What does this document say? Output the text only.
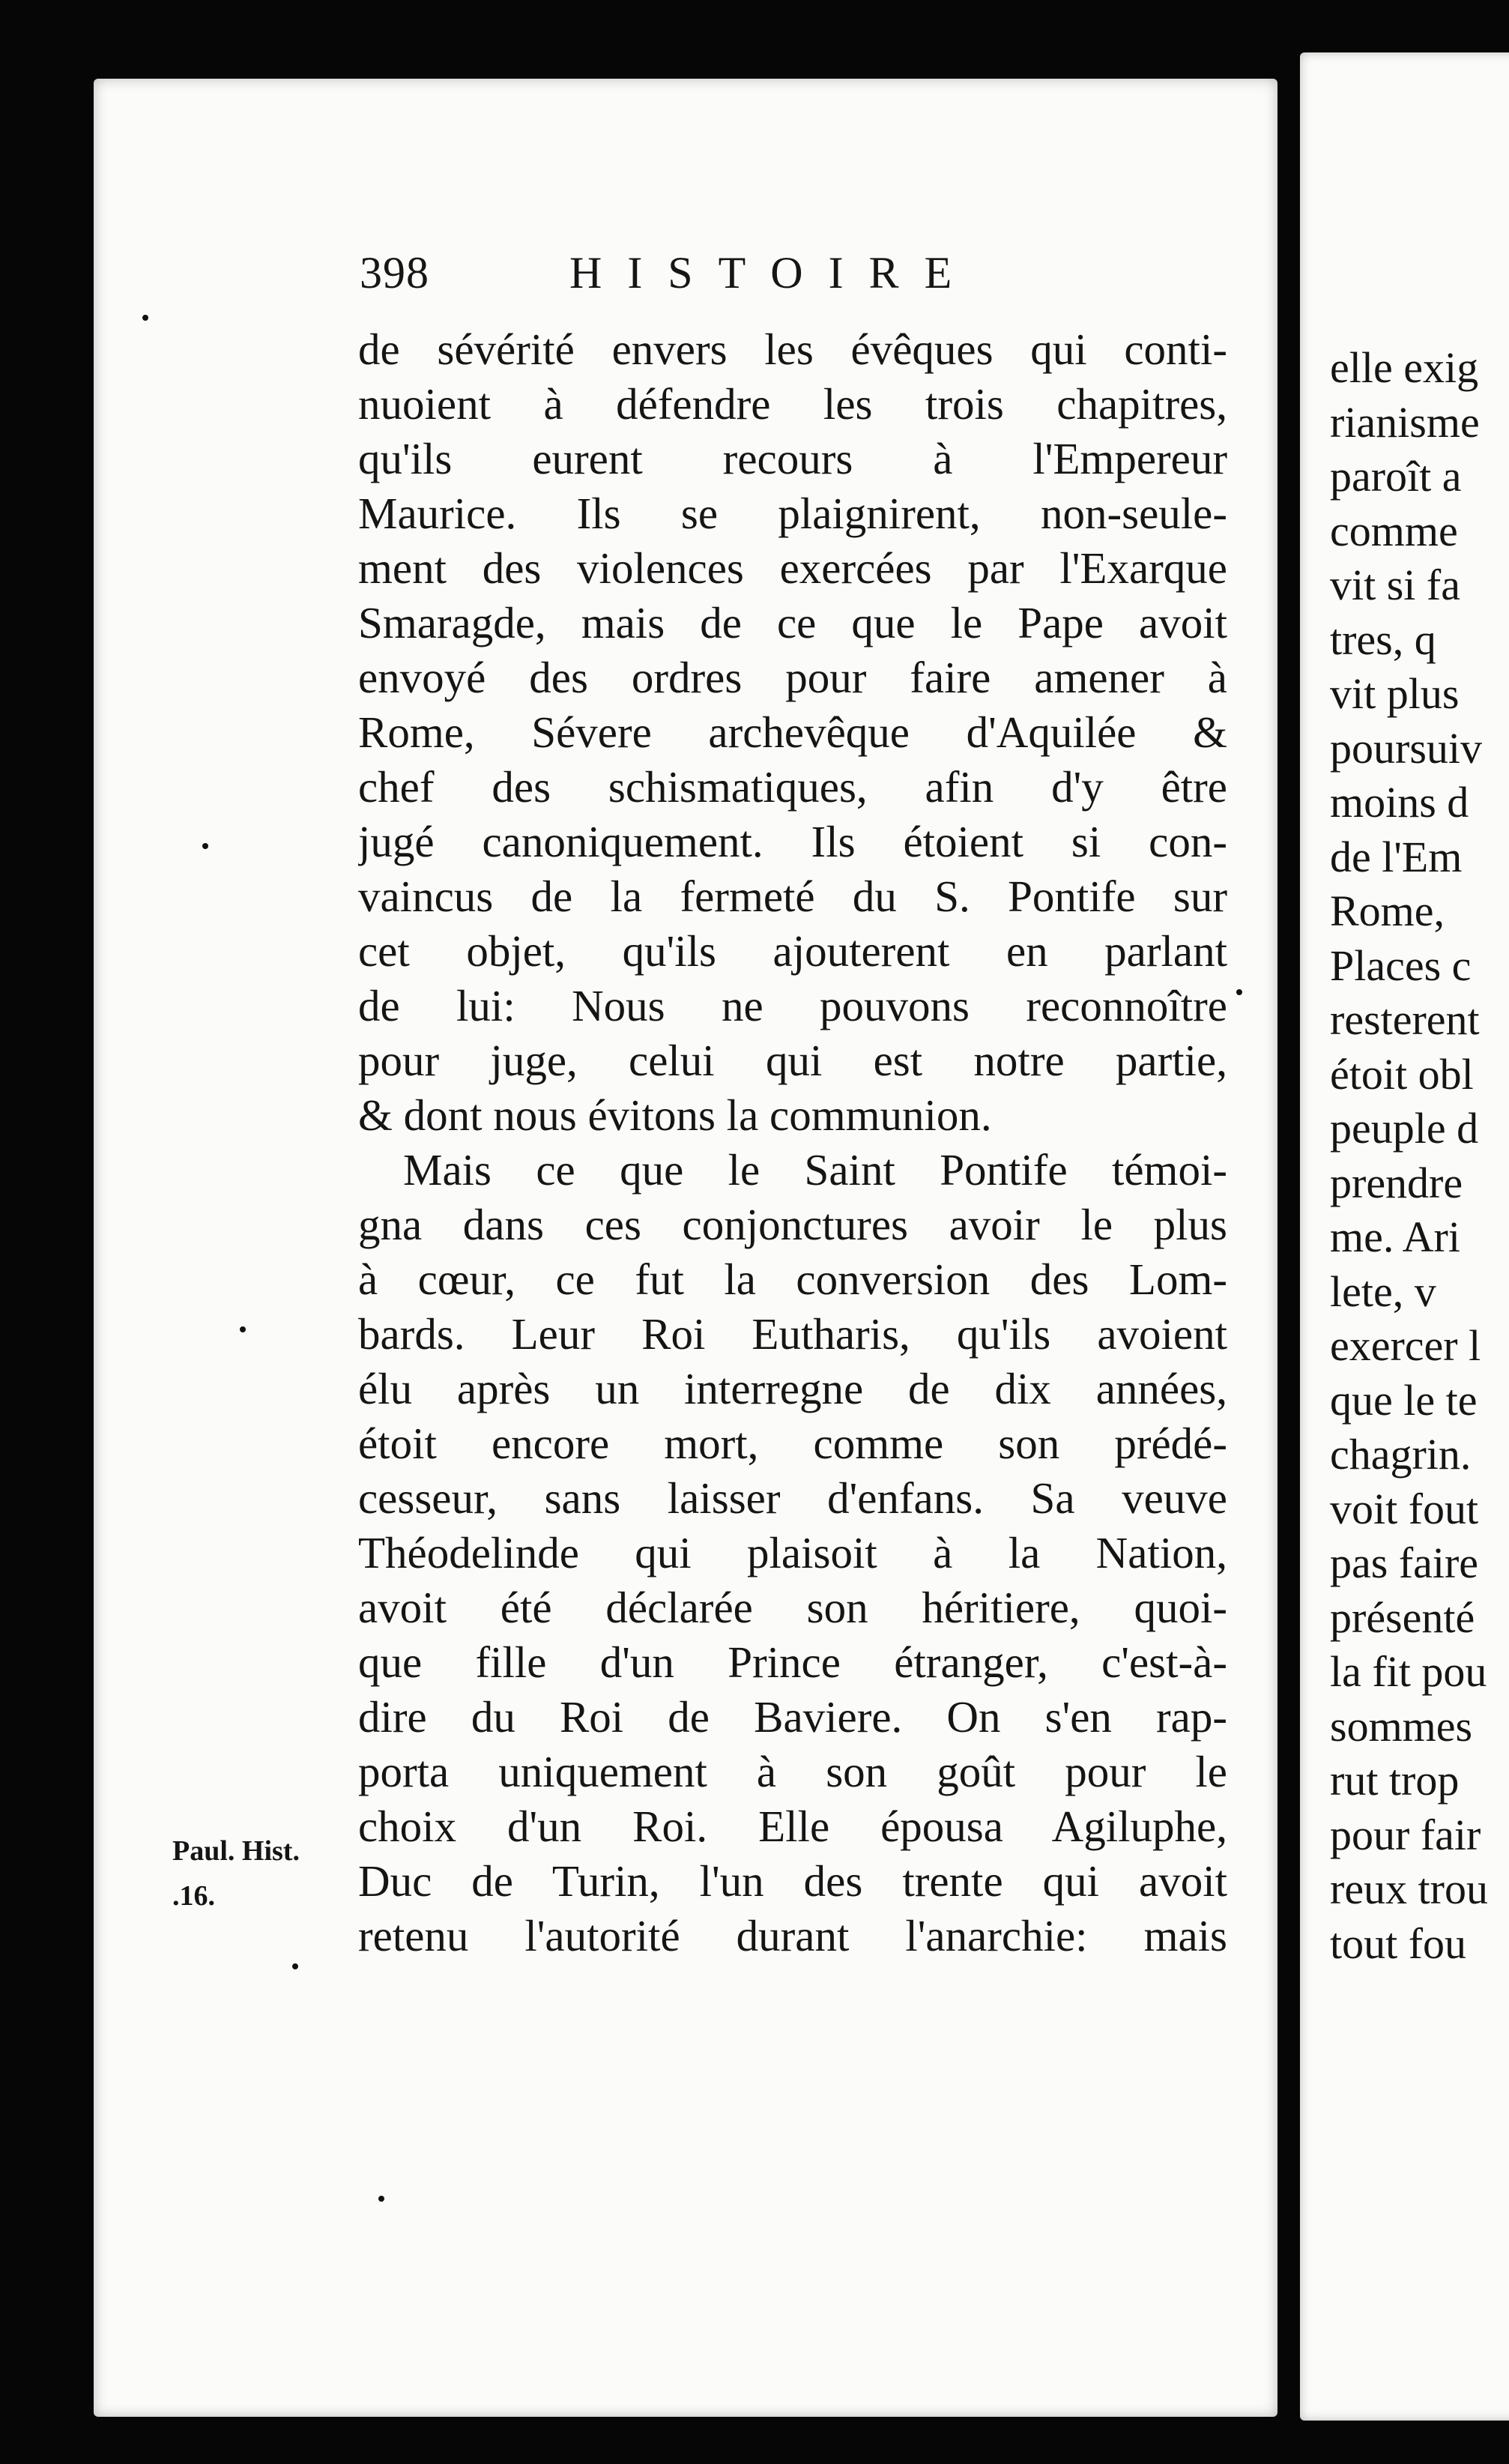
398	HISTOIRE
de sévérité envers les évêques qui conti-
nuoient à défendre les trois chapitres,
qu'ils eurent recours à l'Empereur
Maurice. Ils se plaignirent, non-seule-
ment des violences exercées par l'Exarque
Smaragde, mais de ce que le Pape avoit
envoyé des ordres pour faire amener à
Rome, Sévere archevêque d'Aquilée &
chef des schismatiques, afin d'y être
jugé canoniquement. Ils étoient si con-
vaincus de la fermeté du S. Pontife sur
cet objet, qu'ils ajouterent en parlant
de lui: Nous ne pouvons reconnoître
pour juge, celui qui est notre partie,
& dont nous évitons la communion.
Mais ce que le Saint Pontife témoi-
gna dans ces conjonctures avoir le plus
à cœur, ce fut la conversion des Lom-
bards. Leur Roi Eutharis, qu'ils avoient
élu après un interregne de dix années,
étoit encore mort, comme son prédé-
cesseur, sans laisser d'enfans. Sa veuve
Théodelinde qui plaisoit à la Nation,
avoit été déclarée son héritiere, quoi-
que fille d'un Prince étranger, c'est-à-
dire du Roi de Baviere. On s'en rap-
porta uniquement à son goût pour le
choix d'un Roi. Elle épousa Agiluphe,
Duc de Turin, l'un des trente qui avoit
retenu l'autorité durant l'anarchie: mais
Paul. Hist.
.16.
elle exig
rianisme
paroît a
comme
vit si fa
tres, q
vit plus
poursuiv
moins d
de l'Em
Rome,
Places c
resterent
étoit obl
peuple d
prendre
me. Ari
lete, v
exercer l
que le te
chagrin.
voit fout
pas faire
présenté
la fit pou
sommes
rut trop
pour fair
reux trou
tout fou
